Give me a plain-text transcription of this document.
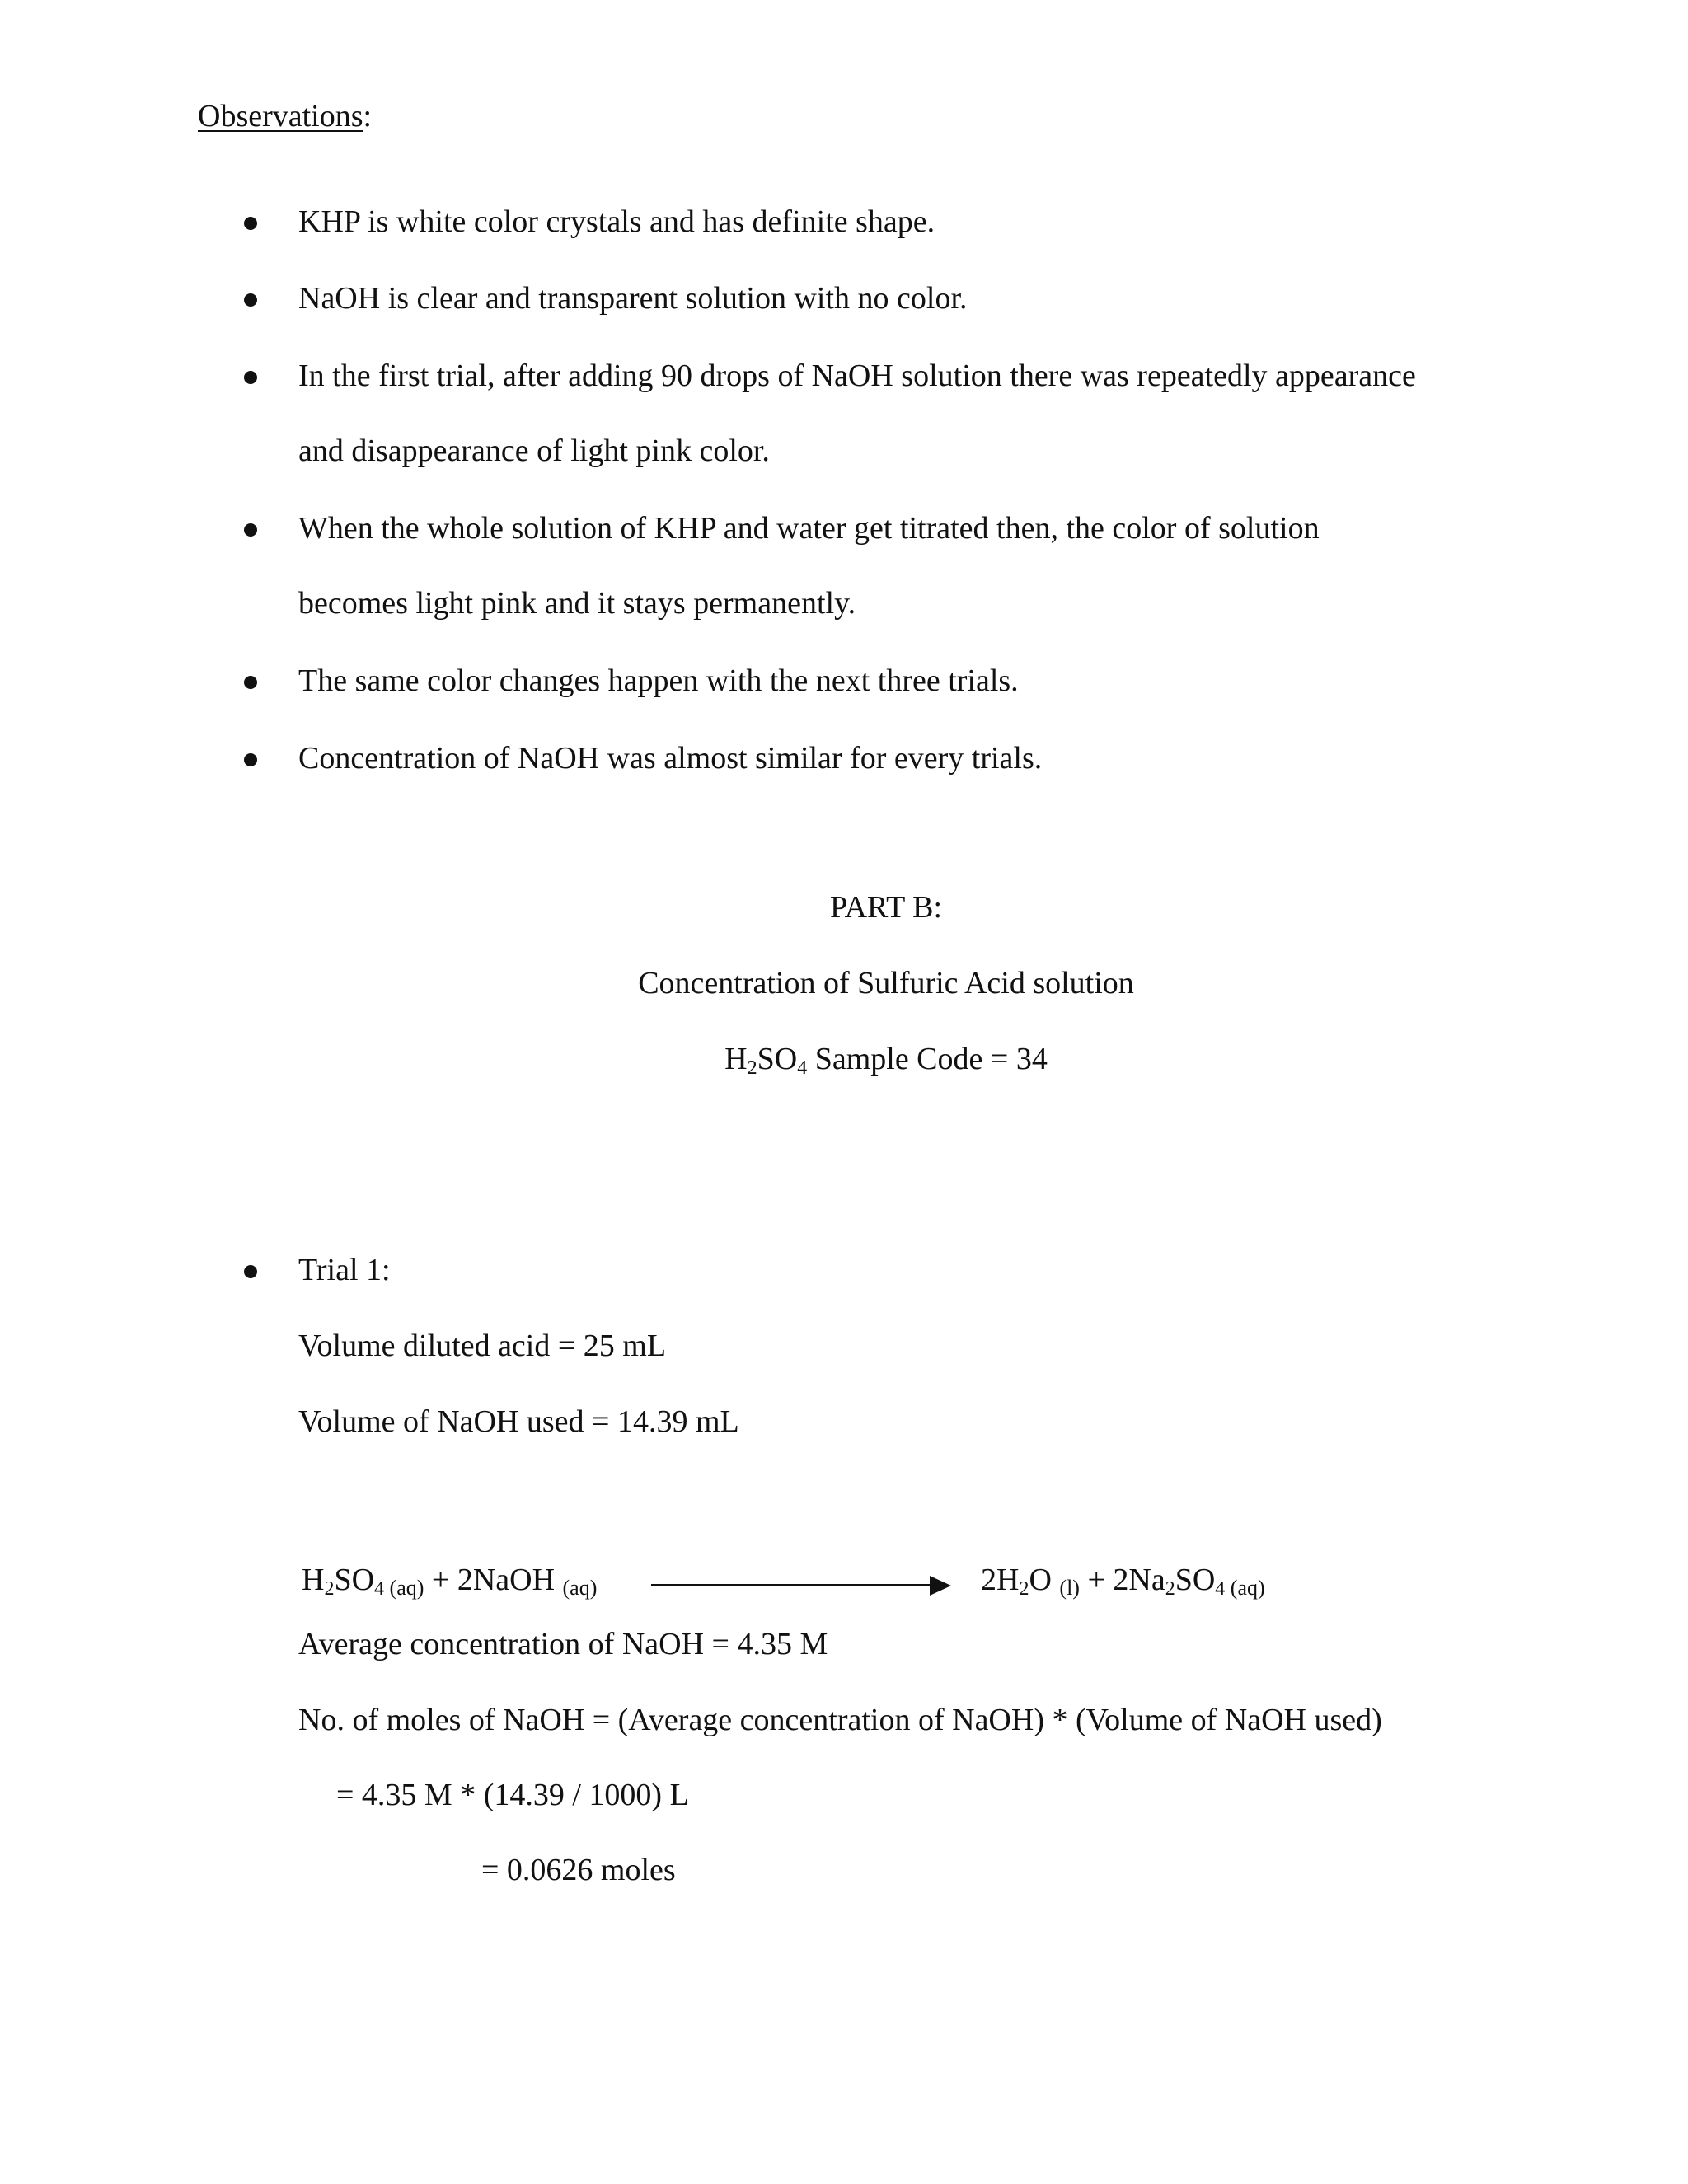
Observations:
KHP is white color crystals and has definite shape.
NaOH is clear and transparent solution with no color.
In the first trial, after adding 90 drops of NaOH solution there was repeatedly appearance
and disappearance of light pink color.
When the whole solution of KHP and water get titrated then, the color of solution
becomes light pink and it stays permanently.
The same color changes happen with the next three trials.
Concentration of NaOH was almost similar for every trials.
PART B:
Concentration of Sulfuric Acid solution
$H_2SO_4$ Sample Code = 34
Trial 1:
Volume diluted acid = 25 mL
Volume of NaOH used = 14.39 mL
$H_2SO_4$ (aq) + 2NaOH (aq)	$2H_2O$ $(l) + 2Na_2SO_4$ (aq)
Average concentration of NaOH = 4.35 M
No. of moles of NaOH = (Average concentration of NaOH) * (Volume of NaOH used)
= 4.35 M * (14.39 / 1000) L
= 0.0626 moles
